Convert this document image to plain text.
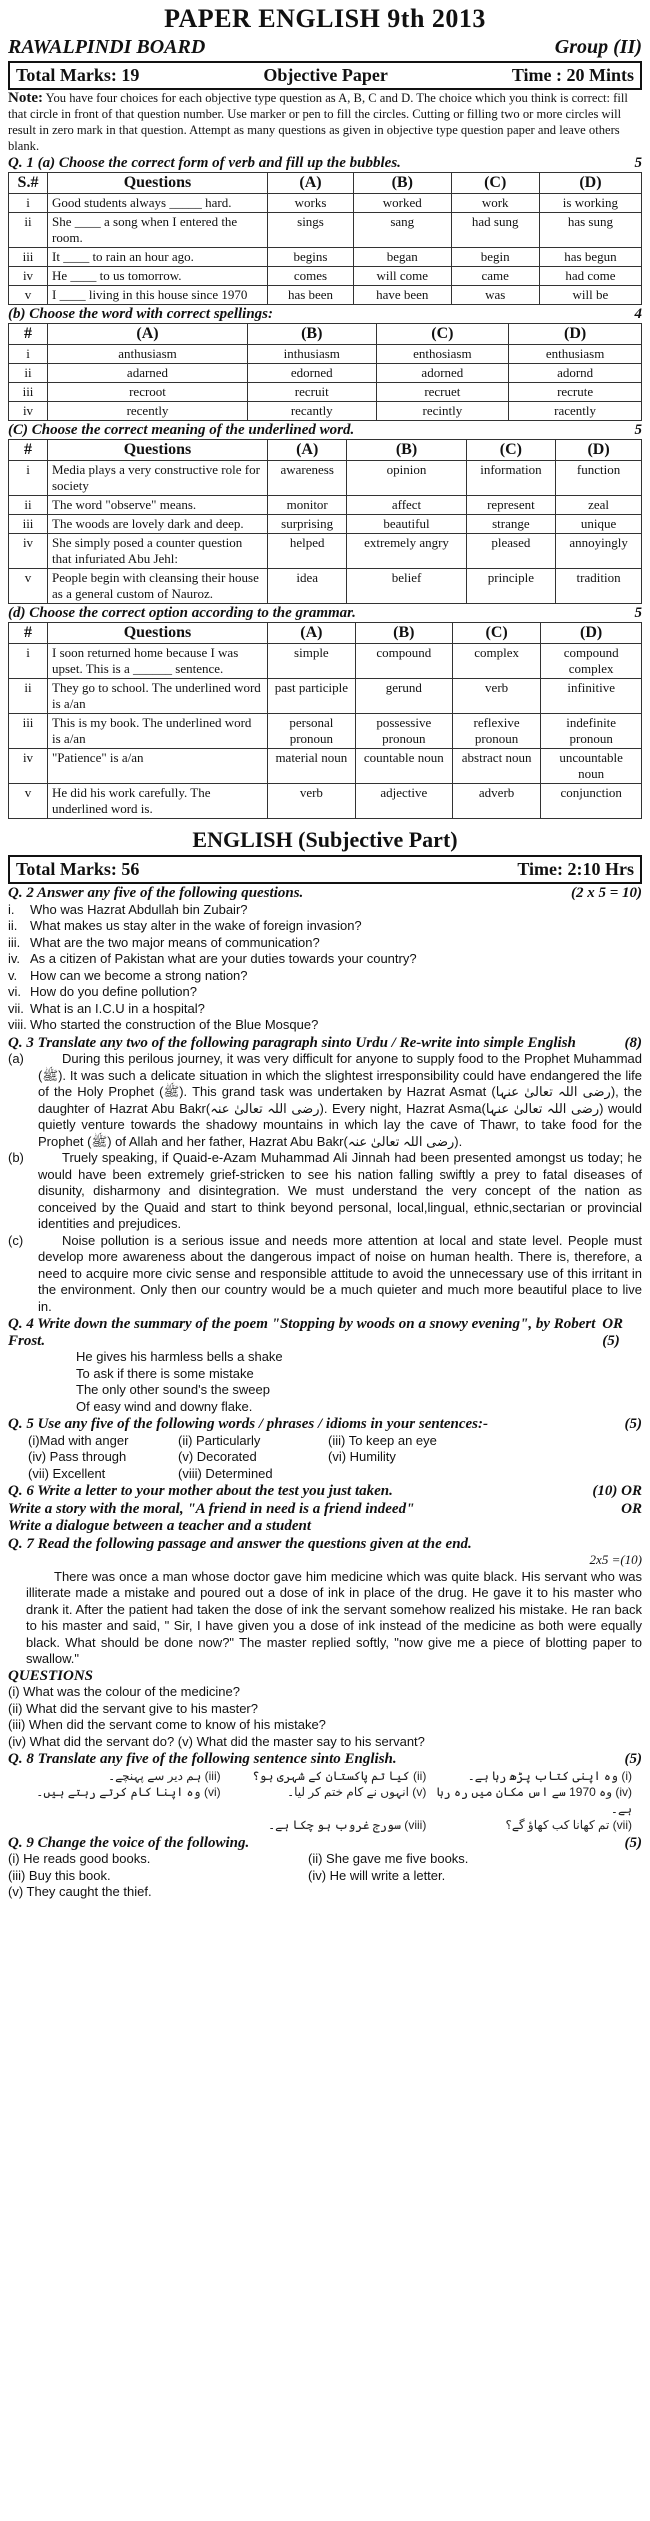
PAPER ENGLISH 9th 2013
RAWALPINDI BOARD	Group (II)
Total Marks: 19	Objective Paper	Time : 20 Mints
Note: You have four choices for each objective type question as A, B, C and D. The choice which you think is correct: fill that circle in front of that question number. Use marker or pen to fill the circles. Cutting or filling two or more circles will result in zero mark in that question. Attempt as many questions as given in objective type question paper and leave others blank.
Q. 1 (a) Choose the correct form of verb and fill up the bubbles.	5
S.#	Questions	(A)	(B)	(C)	(D)
i	Good students always _____ hard.	works	worked	work	is working
ii	She ____ a song when I entered the room.	sings	sang	had sung	has sung
iii	It ____ to rain an hour ago.	begins	began	begin	has begun
iv	He ____ to us tomorrow.	comes	will come	came	had come
v	I ____ living in this house since 1970	has been	have been	was	will be
(b) Choose the word with correct spellings:	4
#	(A)	(B)	(C)	(D)
i	anthusiasm	inthusiasm	enthosiasm	enthusiasm
ii	adarned	edorned	adorned	adornd
iii	recroot	recruit	recruet	recrute
iv	recently	recantly	recintly	racently
(C) Choose the correct meaning of the underlined word.	5
#	Questions	(A)	(B)	(C)	(D)
i	Media plays a very constructive role for society	awareness	opinion	information	function
ii	The word "observe" means.	monitor	affect	represent	zeal
iii	The woods are lovely dark and deep.	surprising	beautiful	strange	unique
iv	She simply posed a counter question that infuriated Abu Jehl:	helped	extremely angry	pleased	annoyingly
v	People begin with cleansing their house as a general custom of Nauroz.	idea	belief	principle	tradition
(d) Choose the correct option according to the grammar.	5
#	Questions	(A)	(B)	(C)	(D)
i	I soon returned home because I was upset. This is a ______ sentence.	simple	compound	complex	compound complex
ii	They go to school. The underlined word is a/an	past participle	gerund	verb	infinitive
iii	This is my book. The underlined word is a/an	personal pronoun	possessive pronoun	reflexive pronoun	indefinite pronoun
iv	"Patience" is a/an	material noun	countable noun	abstract noun	uncountable noun
v	He did his work carefully. The underlined word is.	verb	adjective	adverb	conjunction
ENGLISH (Subjective Part)
Total Marks: 56	Time: 2:10 Hrs
Q. 2 Answer any five of the following questions.	(2 x 5 = 10)
i.	Who was Hazrat Abdullah bin Zubair?
ii. What makes us stay alter in the wake of foreign invasion?
iii. What are the two major means of communication?
iv. As a citizen of Pakistan what are your duties towards your country?
v. How can we become a strong nation?
vi. How do you define pollution?
vii. What is an I.C.U in a hospital?
viii. Who started the construction of the Blue Mosque?
Q. 3 Translate any two of the following paragraph sinto Urdu / Re-write into simple English	(8)
(a)	During this perilous journey, it was very difficult for anyone to supply food to the Prophet Muhammad (ﷺ). It was such a delicate situation in which the slightest irresponsibility could have endangered the life of the Holy Prophet (ﷺ). This grand task was undertaken by Hazrat Asmat (رضی اللہ تعالیٰ عنہا), the daughter of Hazrat Abu Bakr(رضی اللہ تعالیٰ عنہ). Every night, Hazrat Asma(رضی اللہ تعالیٰ عنہا) would quietly venture towards the shadowy mountains in which lay the cave of Thawr, to take food for the Prophet (ﷺ) of Allah and her father, Hazrat Abu Bakr(رضی اللہ تعالیٰ عنہ).
(b)	Truely speaking, if Quaid-e-Azam Muhammad Ali Jinnah had been presented amongst us today; he would have been extremely grief-stricken to see his nation falling swiftly a prey to fatal diseases of disunity, disharmony and disintegration. We must understand the very concept of the nation as conceived by the Quaid and start to think beyond personal, local,lingual, ethnic,sectarian or provincial identities and prejudices.
(c)	Noise pollution is a serious issue and needs more attention at local and state level. People must develop more awareness about the dangerous impact of noise on human health. There is, therefore, a need to acquire more civic sense and responsible attitude to avoid the unnecessary use of this irritant in the environment. Only then our country would be a much quieter and much more beautiful place to live in.
Q. 4 Write down the summary of the poem "Stopping by woods on a snowy evening", by Robert Frost.
OR (5)
He gives his harmless bells a shake
To ask if there is some mistake
The only other sound's the sweep
Of easy wind and downy flake.
Q. 5 Use any five of the following words / phrases / idioms in your sentences:-	(5)
(i)Mad with anger	(ii) Particularly	(iii) To keep an eye
(iv) Pass through	(v) Decorated	(vi) Humility
(vii) Excellent	(viii) Determined
Q. 6 Write a letter to your mother about the test you just taken.	(10) OR
Write a story with the moral, "A friend in need is a friend indeed"	OR
Write a dialogue between a teacher and a student
Q. 7 Read the following passage and answer the questions given at the end.
2x5 =(10)
There was once a man whose doctor gave him medicine which was quite black. His servant who was illiterate made a mistake and poured out a dose of ink in place of the drug. He gave it to his master who drank it. After the patient had taken the dose of ink the servant somehow realized his mistake. He ran back to his master and said, " Sir, I have given you a dose of ink instead of the medicine as both were equally black. What should be done now?" The master replied softly, "now give me a piece of blotting paper to swallow."
QUESTIONS
(i) What was the colour of the medicine?
(ii) What did the servant give to his master?
(iii) When did the servant come to know of his mistake?
(iv) What did the servant do? (v) What did the master say to his servant?
Q. 8 Translate any five of the following sentence sinto English.	(5)
(i) وہ اپنی کتاب پڑھ رہا ہے۔
(ii) کیا تم پاکستان کے شہری ہو؟
(iii) ہم دیر سے پہنچے۔
(iv) وہ 1970 سے اس مکان میں رہ رہا ہے۔
(v) انہوں نے کام ختم کر لیا۔
(vi) وہ اپنا کام کرتے رہتے ہیں۔
(vii) تم کھانا کب کھاؤ گے؟
(viii) سورج غروب ہو چکا ہے۔
Q. 9 Change the voice of the following.	(5)
(i) He reads good books.	(ii) She gave me five books.
(iii) Buy this book.	(iv) He will write a letter.
(v) They caught the thief.
